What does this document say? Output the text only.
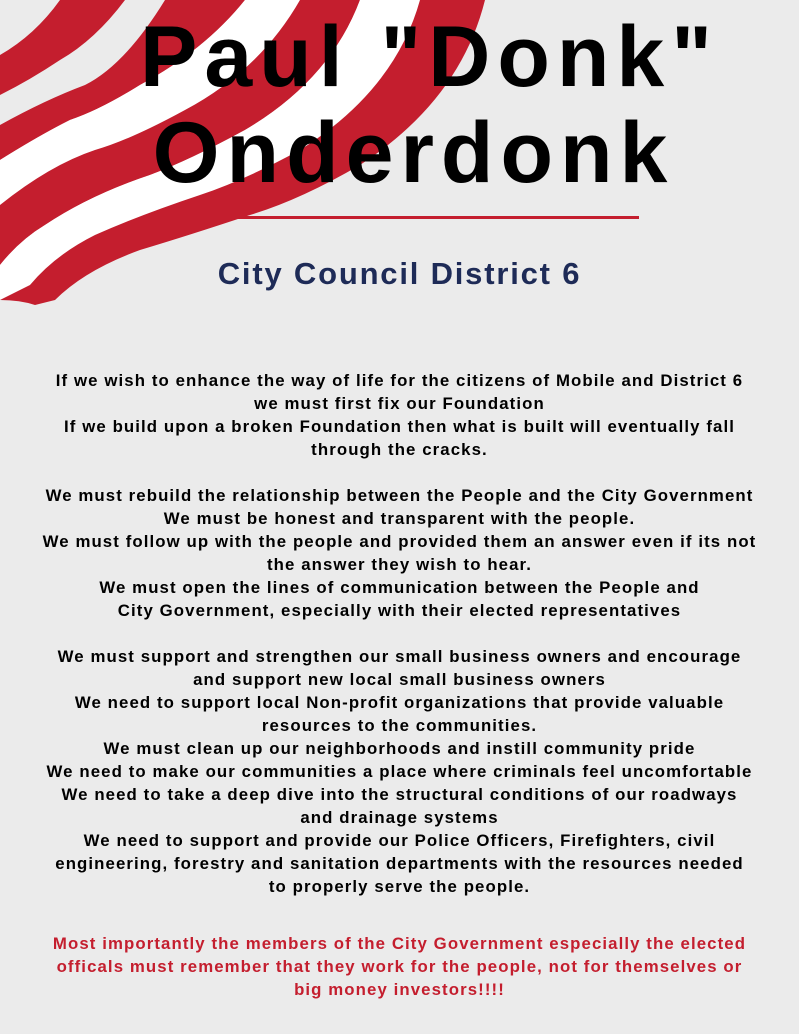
Paul "Donk"
Onderdonk
City Council District 6
If we wish to enhance the way of life for the citizens of Mobile and District 6
we must first fix our Foundation
If we build upon a broken Foundation then what is built will eventually fall
through the cracks.
We must rebuild the relationship between the People and the City Government
We must be honest and transparent with the people.
We must follow up with the people and provided them an answer even if its not
the answer they wish to hear.
We must open the lines of communication between the People and
City Government, especially with their elected representatives
We must support and strengthen our small business owners and encourage
and support new local small business owners
We need to support local Non-profit organizations that provide valuable
resources to the communities.
We must clean up our neighborhoods and instill community pride
We need to make our communities a place where criminals feel uncomfortable
We need to take a deep dive into the structural conditions of our roadways
and drainage systems
We need to support and provide our Police Officers, Firefighters, civil
engineering, forestry and sanitation departments with the resources needed
to properly serve the people.
Most importantly the members of the City Government especially the elected
officals must remember that they work for the people, not for themselves or
big money investors!!!!
